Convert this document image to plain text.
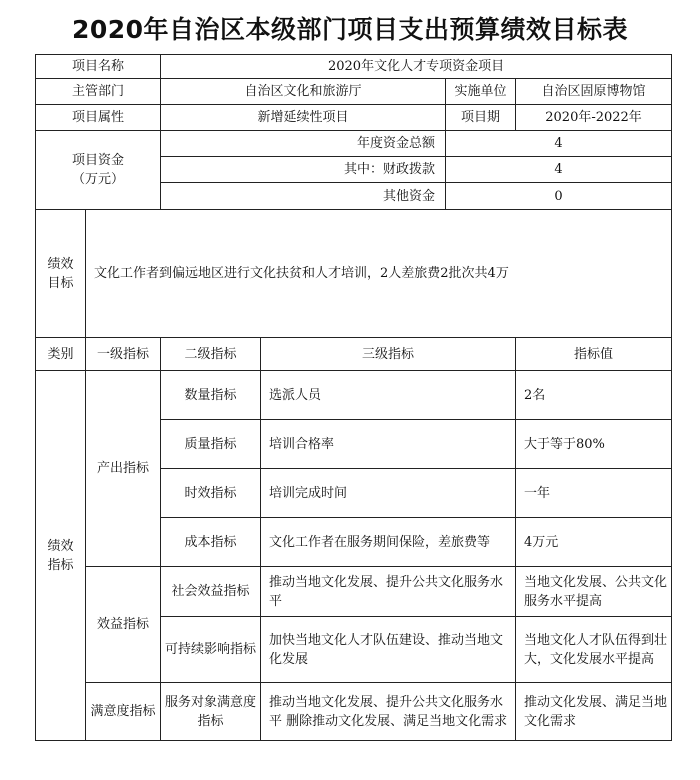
2020年自治区本级部门项目支出预算绩效目标表
项目名称		2020年文化人才专项资金项目			
主管部门		自治区文化和旅游厅		实施单位	自治区固原博物馆
项目属性		新增延续性项目		项目期	2020年-2022年

项目资金
（万元）		年度资金总额		4	
		其中：财政拨款		4	
		其他资金		0	

绩效
目标	文化工作者到偏远地区进行文化扶贫和人才培训，2人差旅费2批次共4万				
类别	一级指标	二级指标	三级指标		指标值

绩效
指标	产出指标	数量指标	选派人员		2名
		质量指标	培训合格率		大于等于80%
		时效指标	培训完成时间		一年
		成本指标	文化工作者在服务期间保险，差旅费等		4万元
	效益指标	社会效益指标	推动当地文化发展、提升公共文化服务水平		当地文化发展、公共文化服务水平提高
		可持续影响指标	加快当地文化人才队伍建设、推动当地文化发展		当地文化人才队伍得到壮大，文化发展水平提高
	满意度指标	服务对象满意度指标	推动当地文化发展、提升公共文化服务水平 删除推动文化发展、满足当地文化需求		推动文化发展、满足当地文化需求
